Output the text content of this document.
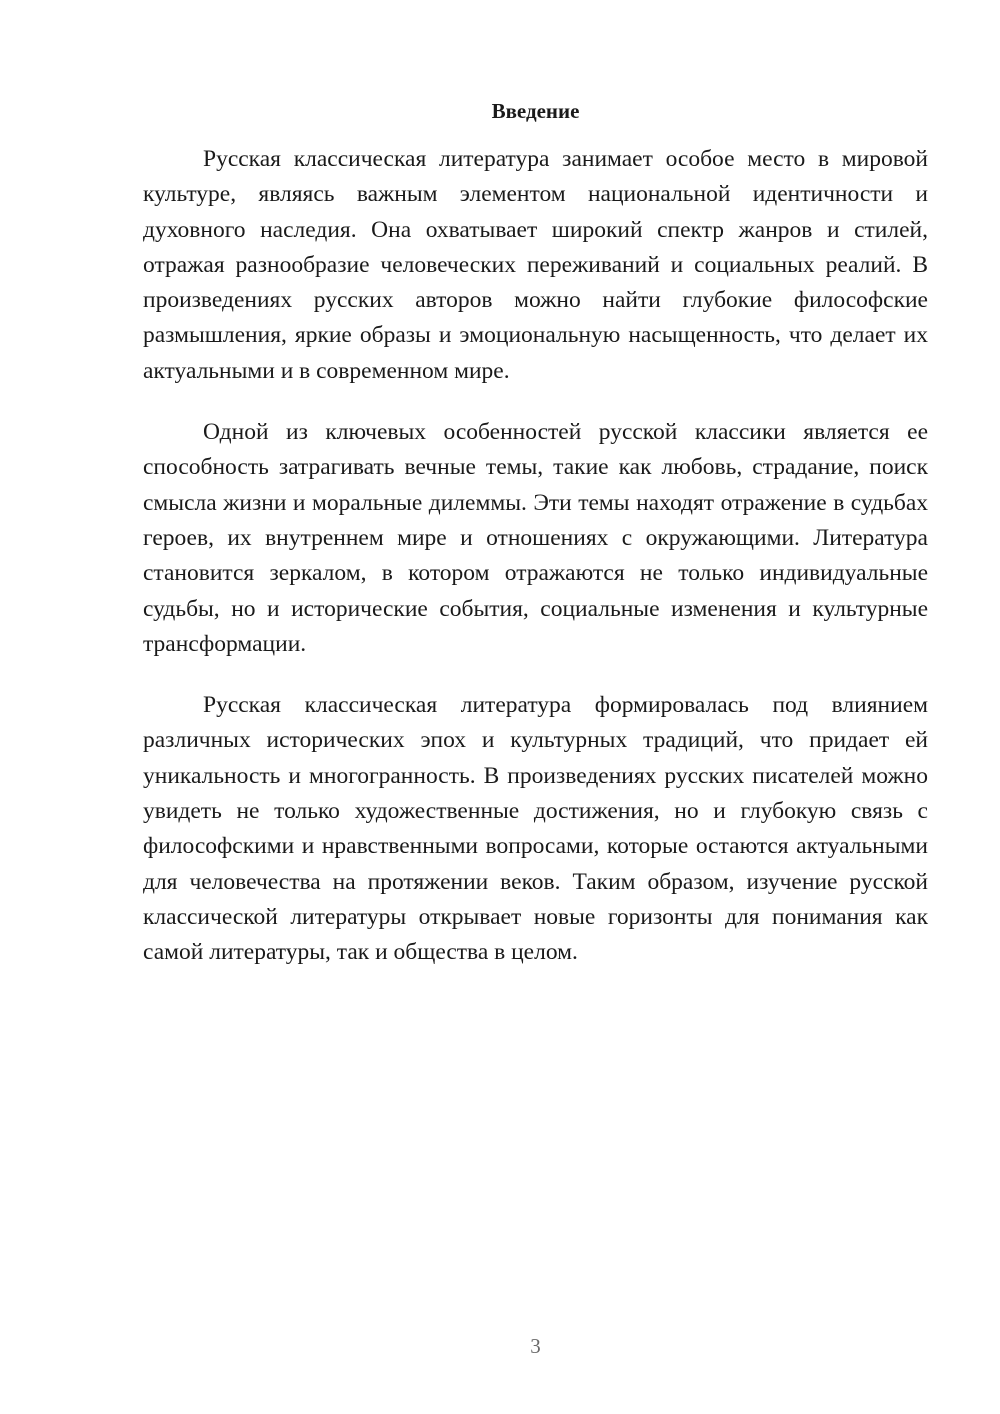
Введение

Русская классическая литература занимает особое место в мировой культуре, являясь важным элементом национальной идентичности и духовного наследия. Она охватывает широкий спектр жанров и стилей, отражая разнообразие человеческих переживаний и социальных реалий. В произведениях русских авторов можно найти глубокие философские размышления, яркие образы и эмоциональную насыщенность, что делает их актуальными и в современном мире.

Одной из ключевых особенностей русской классики является ее способность затрагивать вечные темы, такие как любовь, страдание, поиск смысла жизни и моральные дилеммы. Эти темы находят отражение в судьбах героев, их внутреннем мире и отношениях с окружающими. Литература становится зеркалом, в котором отражаются не только индивидуальные судьбы, но и исторические события, социальные изменения и культурные трансформации.

Русская классическая литература формировалась под влиянием различных исторических эпох и культурных традиций, что придает ей уникальность и многогранность. В произведениях русских писателей можно увидеть не только художественные достижения, но и глубокую связь с философскими и нравственными вопросами, которые остаются актуальными для человечества на протяжении веков. Таким образом, изучение русской классической литературы открывает новые горизонты для понимания как самой литературы, так и общества в целом.

3
